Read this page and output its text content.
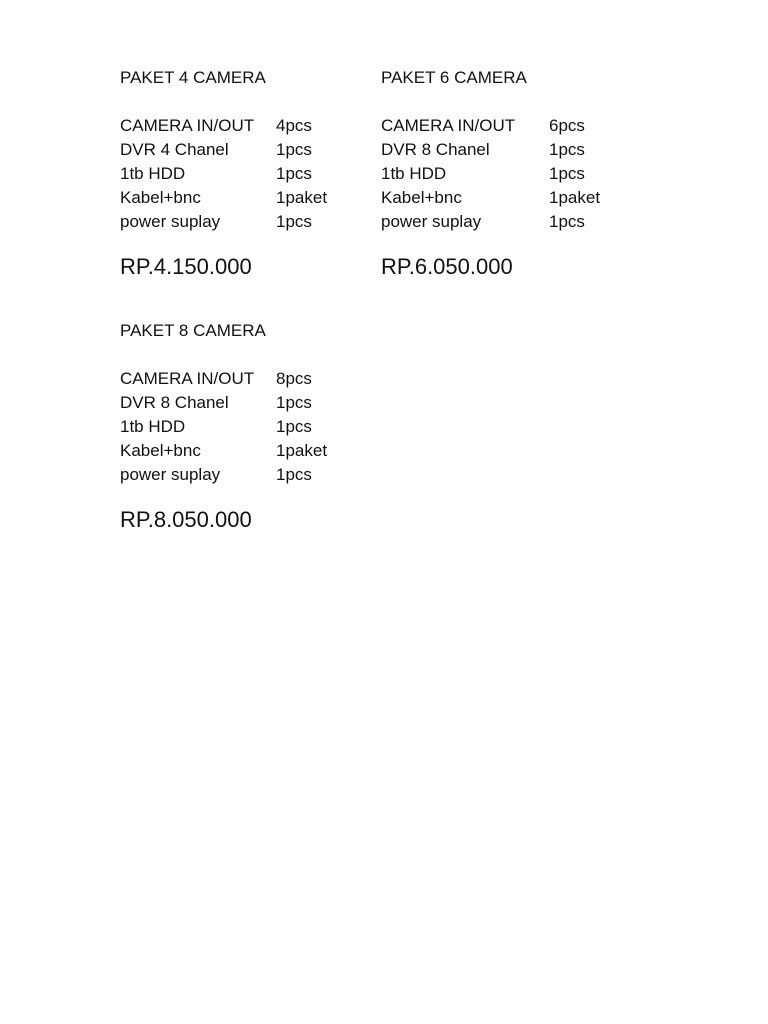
PAKET 4 CAMERA
CAMERA IN/OUT 4pcs
DVR 4 Chanel	1pcs
1tb HDD	1pcs
Kabel+bnc	1paket
power suplay	1pcs
RP.4.150.000
PAKET 6 CAMERA
CAMERA IN/OUT 6pcs
DVR 8 Chanel	1pcs
1tb HDD	1pcs
Kabel+bnc	1paket
power suplay	1pcs
RP.6.050.000
PAKET 8 CAMERA
CAMERA IN/OUT 8pcs
DVR 8 Chanel	1pcs
1tb HDD	1pcs
Kabel+bnc	1paket
power suplay	1pcs
RP.8.050.000
